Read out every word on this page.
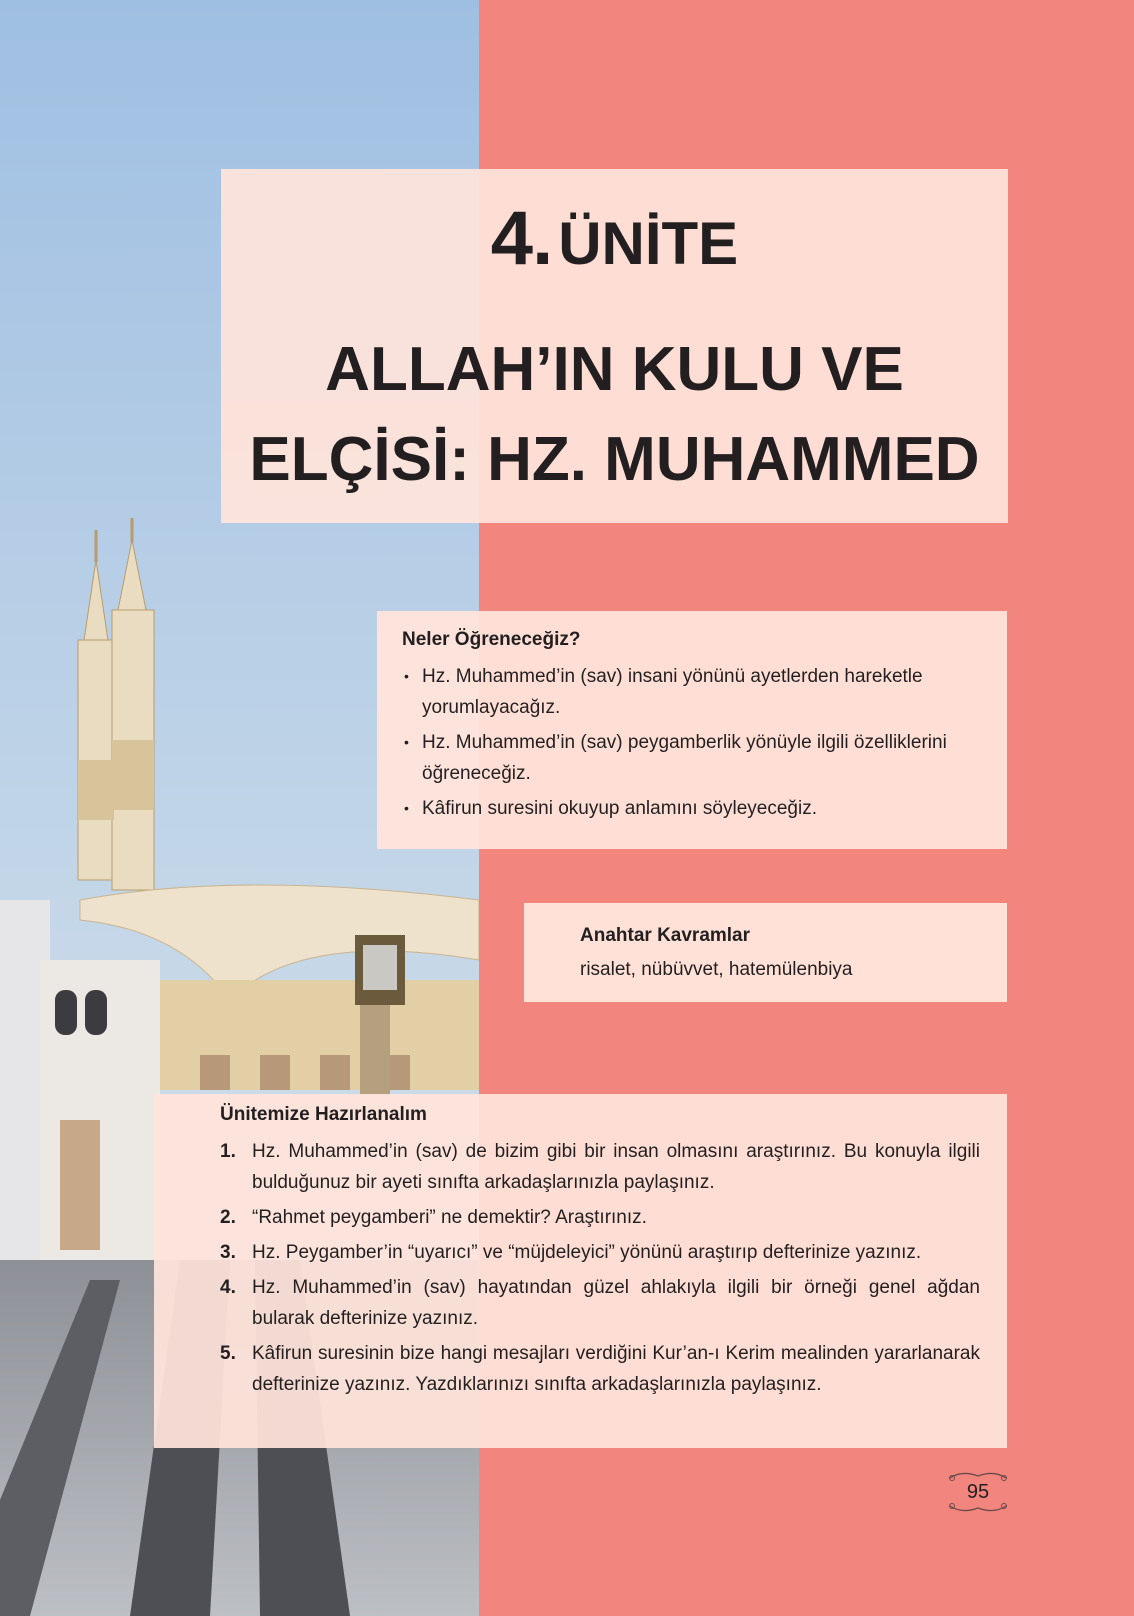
4. ÜNİTE
ALLAH’IN KULU VE
ELÇİSİ: HZ. MUHAMMED
Neler Öğreneceğiz?
• Hz. Muhammed’in (sav) insani yönünü ayetlerden hareketle yorumlayacağız.
• Hz. Muhammed’in (sav) peygamberlik yönüyle ilgili özelliklerini öğreneceğiz.
• Kâfirun suresini okuyup anlamını söyleyeceğiz.
Anahtar Kavramlar

risalet, nübüvvet, hatemülenbiya

Ünitemize Hazırlanalım
1. Hz. Muhammed’in (sav) de bizim gibi bir insan olmasını araştırınız. Bu konuyla ilgili bulduğunuz bir ayeti sınıfta arkadaşlarınızla paylaşınız.
2. “Rahmet peygamberi” ne demektir? Araştırınız.
3. Hz. Peygamber’in “uyarıcı” ve “müjdeleyici” yönünü araştırıp defterinize yazınız.
4. Hz. Muhammed’in (sav) hayatından güzel ahlakıyla ilgili bir örneği genel ağdan bularak defterinize yazınız.
5. Kâfirun suresinin bize hangi mesajları verdiğini Kur’an-ı Kerim mealinden yararlanarak defterinize yazınız. Yazdıklarınızı sınıfta arkadaşlarınızla paylaşınız.
95
